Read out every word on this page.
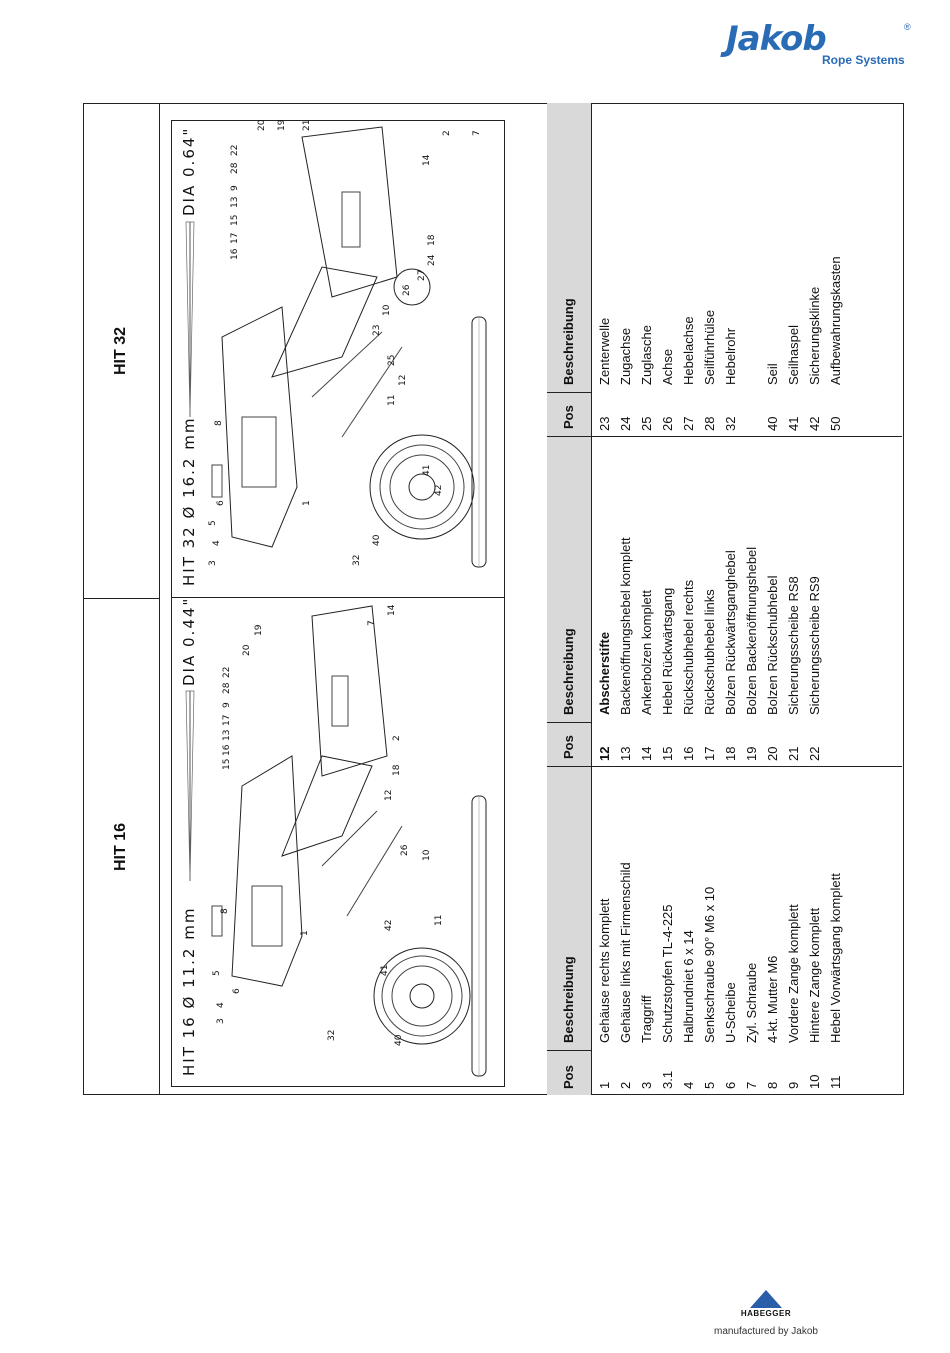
Jakob	®
Rope Systems
HIT 16
HIT 32
HIT 16 Ø 11.2 mm
DIA 0.44"
HIT 32 Ø 16.2 mm
DIA 0.64"
3
4
5
6
8
1
32	40
41
42	11
10
26
12
18
2
14
7
15
16
13
17
9
28
22
20
19
3
4
5
6
8
1
32
40
42
41
11
12
25
23
10
26
27
24
18
14
7
2
21
19
20
22
28
9
13
15
17
16
Pos
Beschreibung
Pos
Beschreibung
Pos
Beschreibung
1
Gehäuse rechts komplett
2
Gehäuse links mit Firmenschild
3
Traggriff
3.1
Schutzstopfen TL-4-225
4
Halbrundniet 6 x 14
5
Senkschraube 90° M6 x 10
6
U-Scheibe
7
Zyl. Schraube
8
4-kt. Mutter M6
9
Vordere Zange komplett
10
Hintere Zange komplett
11
Hebel Vorwärtsgang komplett
12
Abscherstifte
13
Backenöffnungshebel komplett
14
Ankerbolzen komplett
15
Hebel Rückwärtsgang
16
Rückschubhebel rechts
17
Rückschubhebel links
18
Bolzen Rückwärtsganghebel
19
Bolzen Backenöffnungshebel
20
Bolzen Rückschubhebel
21
Sicherungsscheibe RS8
22
Sicherungsscheibe RS9
23
Zenterwelle
24
Zugachse
25
Zuglasche
26
Achse
27
Hebelachse
28
Seilführhülse
32
Hebelrohr
40
Seil
41
Seilhaspel
42
Sicherungsklinke
50
Aufbewahrungskasten
HABEGGER
manufactured by Jakob
